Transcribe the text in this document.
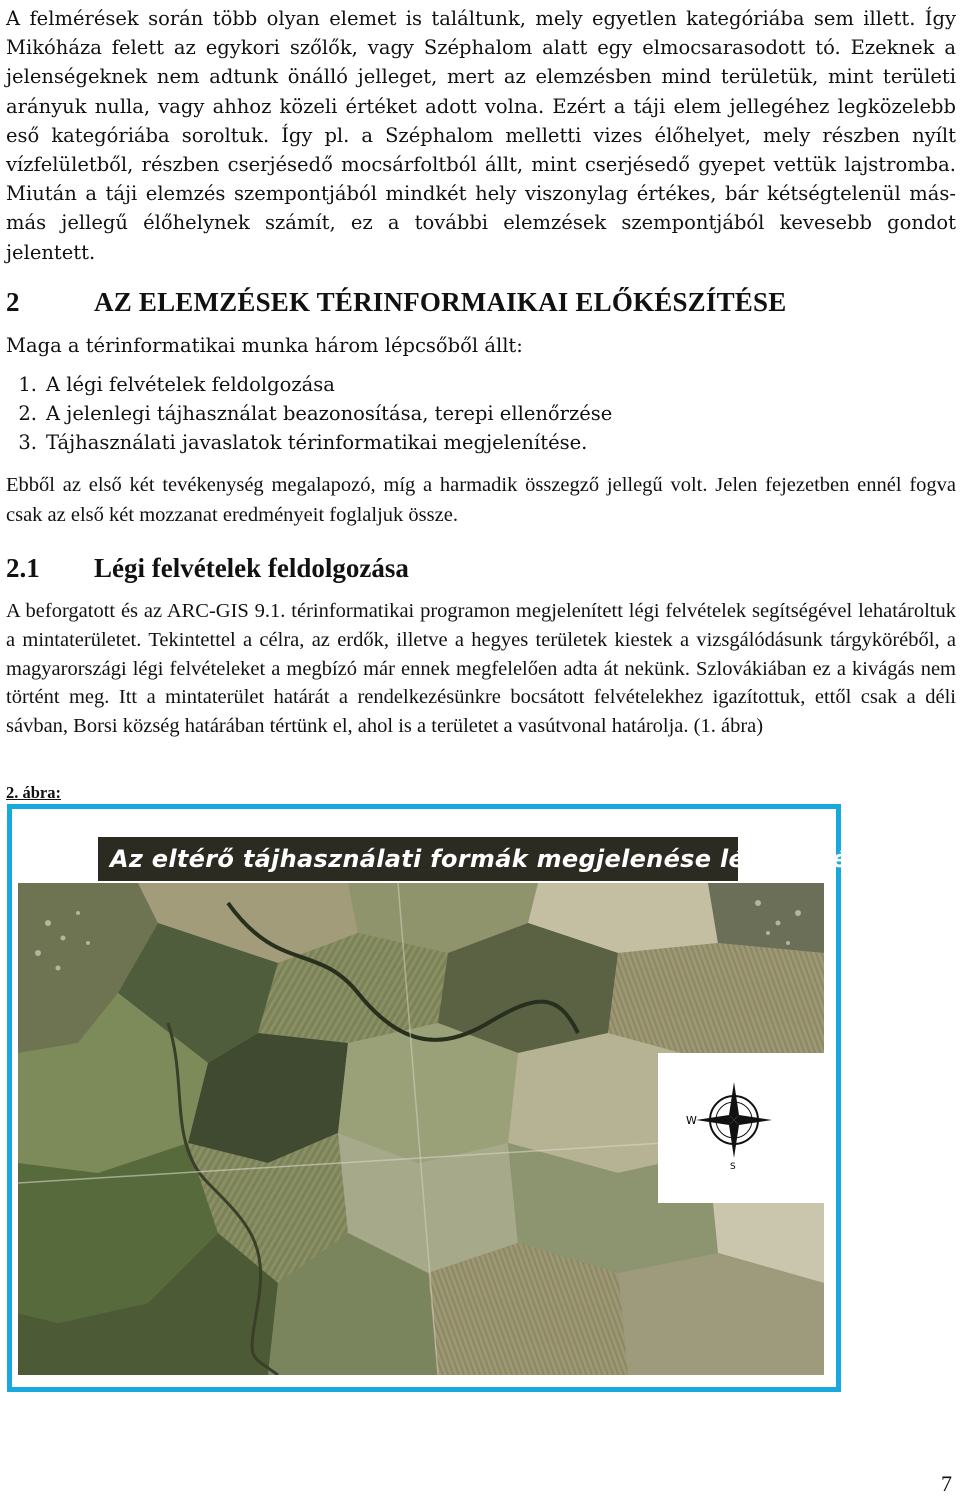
A felmérések során több olyan elemet is találtunk, mely egyetlen kategóriába sem illett. Így Mikóháza felett az egykori szőlők, vagy Széphalom alatt egy elmocsarasodott tó. Ezeknek a jelenségeknek nem adtunk önálló jelleget, mert az elemzésben mind területük, mint területi arányuk nulla, vagy ahhoz közeli értéket adott volna. Ezért a táji elem jellegéhez legközelebb eső kategóriába soroltuk. Így pl. a Széphalom melletti vizes élőhelyet, mely részben nyílt vízfelületből, részben cserjésedő mocsárfoltból állt, mint cserjésedő gyepet vettük lajstromba. Miután a táji elemzés szempontjából mindkét hely viszonylag értékes, bár kétségtelenül más-más jellegű élőhelynek számít, ez a további elemzések szempontjából kevesebb gondot jelentett.

2	AZ ELEMZÉSEK TÉRINFORMAIKAI ELŐKÉSZÍTÉSE

Maga a térinformatikai munka három lépcsőből állt:

1. A légi felvételek feldolgozása
2. A jelenlegi tájhasználat beazonosítása, terepi ellenőrzése
3. Tájhasználati javaslatok térinformatikai megjelenítése.

Ebből az első két tevékenység megalapozó, míg a harmadik összegző jellegű volt. Jelen fejezetben ennél fogva csak az első két mozzanat eredményeit foglaljuk össze.

2.1 Légi felvételek feldolgozása

A beforgatott és az ARC-GIS 9.1. térinformatikai programon megjelenített légi felvételek segítségével lehatároltuk a mintaterületet. Tekintettel a célra, az erdők, illetve a hegyes területek kiestek a vizsgálódásunk tárgyköréből, a magyarországi légi felvételeket a megbízó már ennek megfelelően adta át nekünk. Szlovákiában ez a kivágás nem történt meg. Itt a mintaterület határát a rendelkezésünkre bocsátott felvételekhez igazítottuk, ettől csak a déli sávban, Borsi község határában tértünk el, ahol is a területet a vasútvonal határolja. (1. ábra)

2. ábra:
Az eltérő tájhasználati formák megjelenése légi felvételen
W
S
7
